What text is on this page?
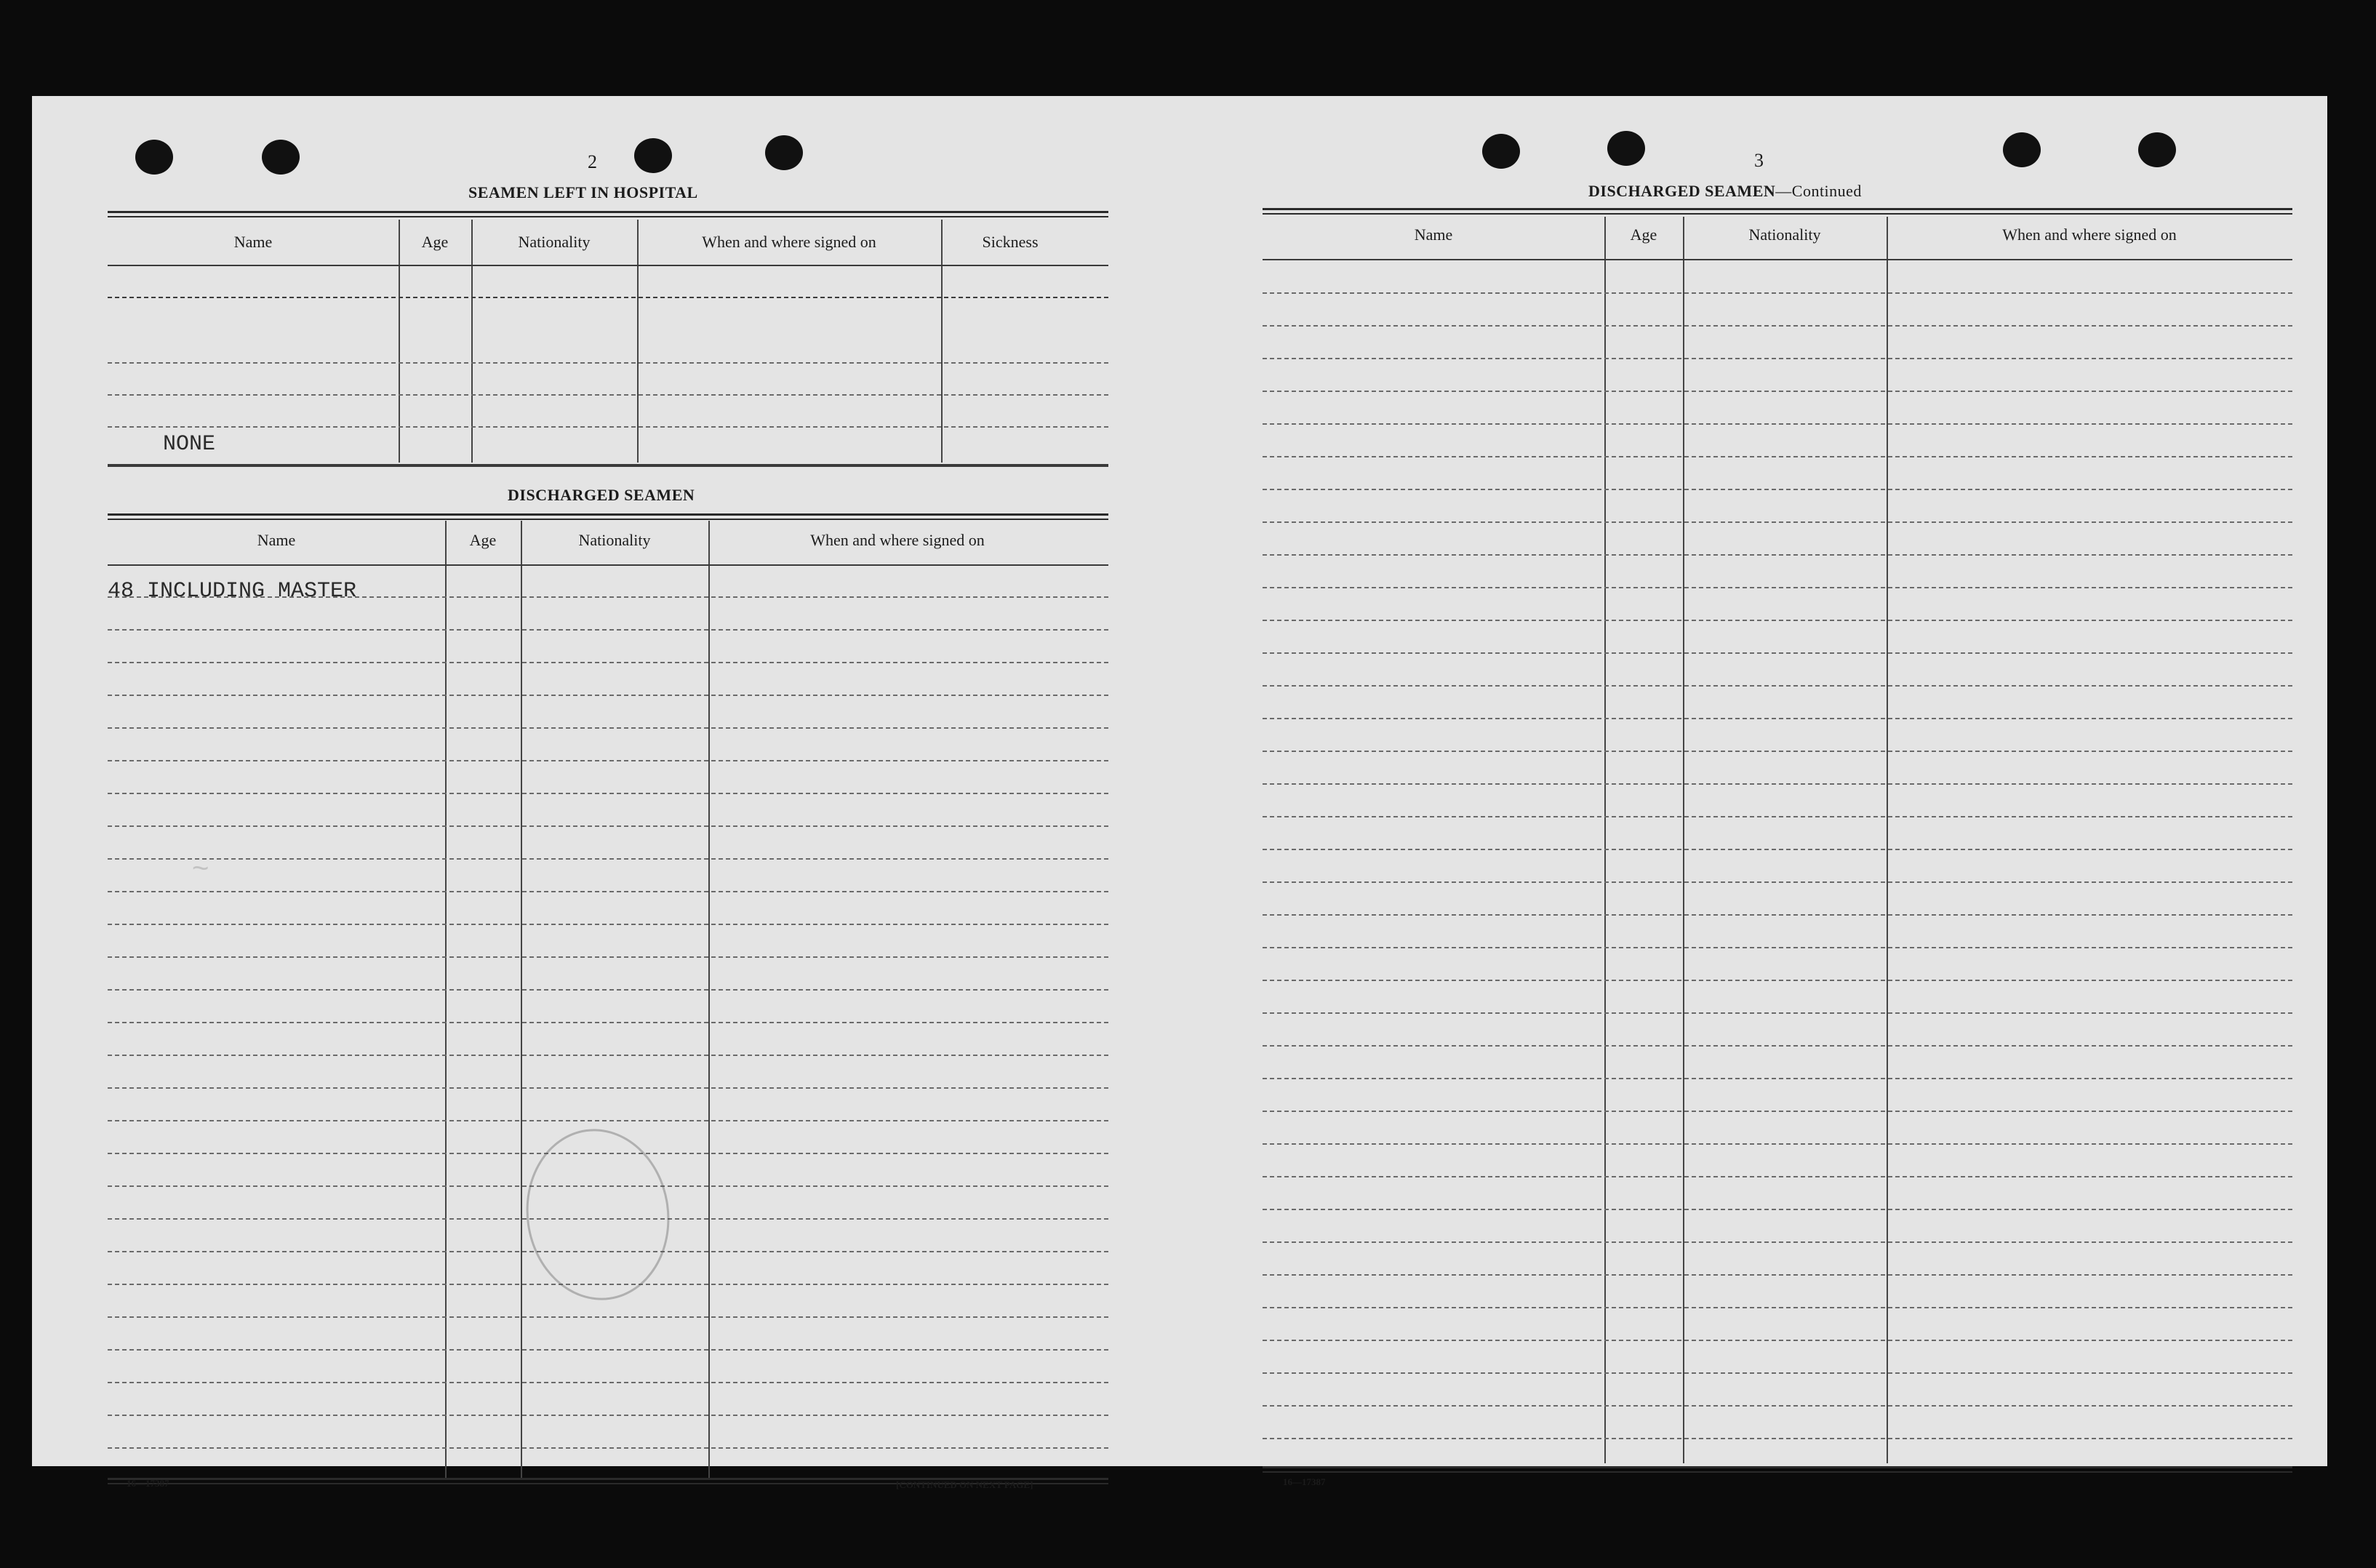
2
SEAMEN LEFT IN HOSPITAL
Name	Age	Nationality	When and where signed on	Sickness
NONE
DISCHARGED SEAMEN
Name	Age	Nationality	When and where signed on
48 INCLUDING MASTER
~
16—17387	[CONTINUED ON NEXT PAGE]
3
DISCHARGED SEAMEN—Continued
Name	Age	Nationality	When and where signed on
16—17387
